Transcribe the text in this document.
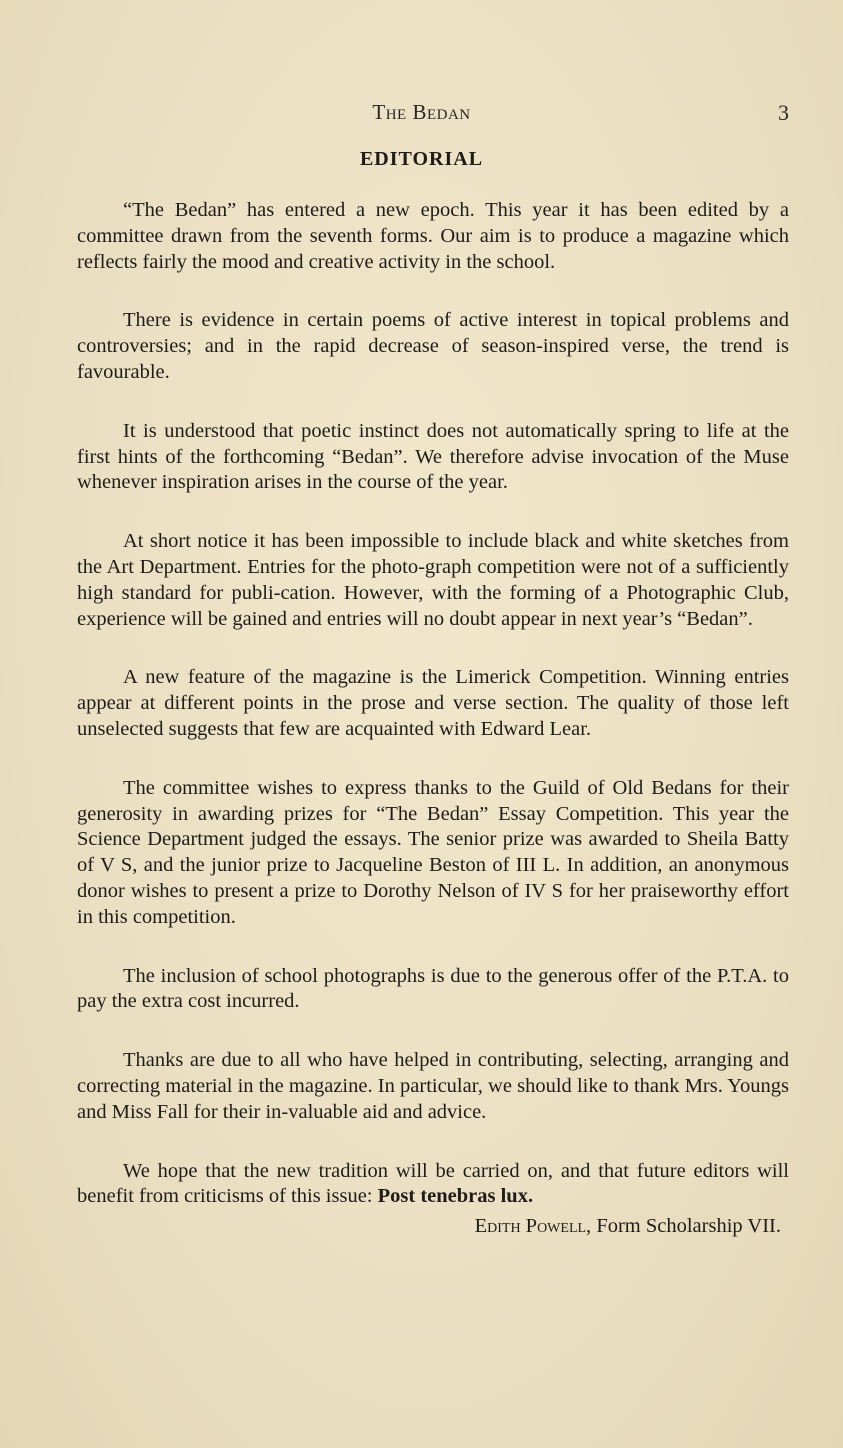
The Bedan	3
EDITORIAL

“The Bedan” has entered a new epoch. This year it has been edited by a committee drawn from the seventh forms. Our aim is to produce a magazine which reflects fairly the mood and creative activity in the school.

There is evidence in certain poems of active interest in topical problems and controversies; and in the rapid decrease of season-inspired verse, the trend is favourable.

It is understood that poetic instinct does not automatically spring to life at the first hints of the forthcoming “Bedan”. We therefore advise invocation of the Muse whenever inspiration arises in the course of the year.

At short notice it has been impossible to include black and white sketches from the Art Department. Entries for the photo-graph competition were not of a sufficiently high standard for publi-cation. However, with the forming of a Photographic Club, experience will be gained and entries will no doubt appear in next year’s “Bedan”.

A new feature of the magazine is the Limerick Competition. Winning entries appear at different points in the prose and verse section. The quality of those left unselected suggests that few are acquainted with Edward Lear.

The committee wishes to express thanks to the Guild of Old Bedans for their generosity in awarding prizes for “The Bedan” Essay Competition. This year the Science Department judged the essays. The senior prize was awarded to Sheila Batty of V S, and the junior prize to Jacqueline Beston of III L. In addition, an anonymous donor wishes to present a prize to Dorothy Nelson of IV S for her praiseworthy effort in this competition.

The inclusion of school photographs is due to the generous offer of the P.T.A. to pay the extra cost incurred.

Thanks are due to all who have helped in contributing, selecting, arranging and correcting material in the magazine. In particular, we should like to thank Mrs. Youngs and Miss Fall for their in-valuable aid and advice.

We hope that the new tradition will be carried on, and that future editors will benefit from criticisms of this issue: Post tenebras lux.

Edith Powell, Form Scholarship VII.
